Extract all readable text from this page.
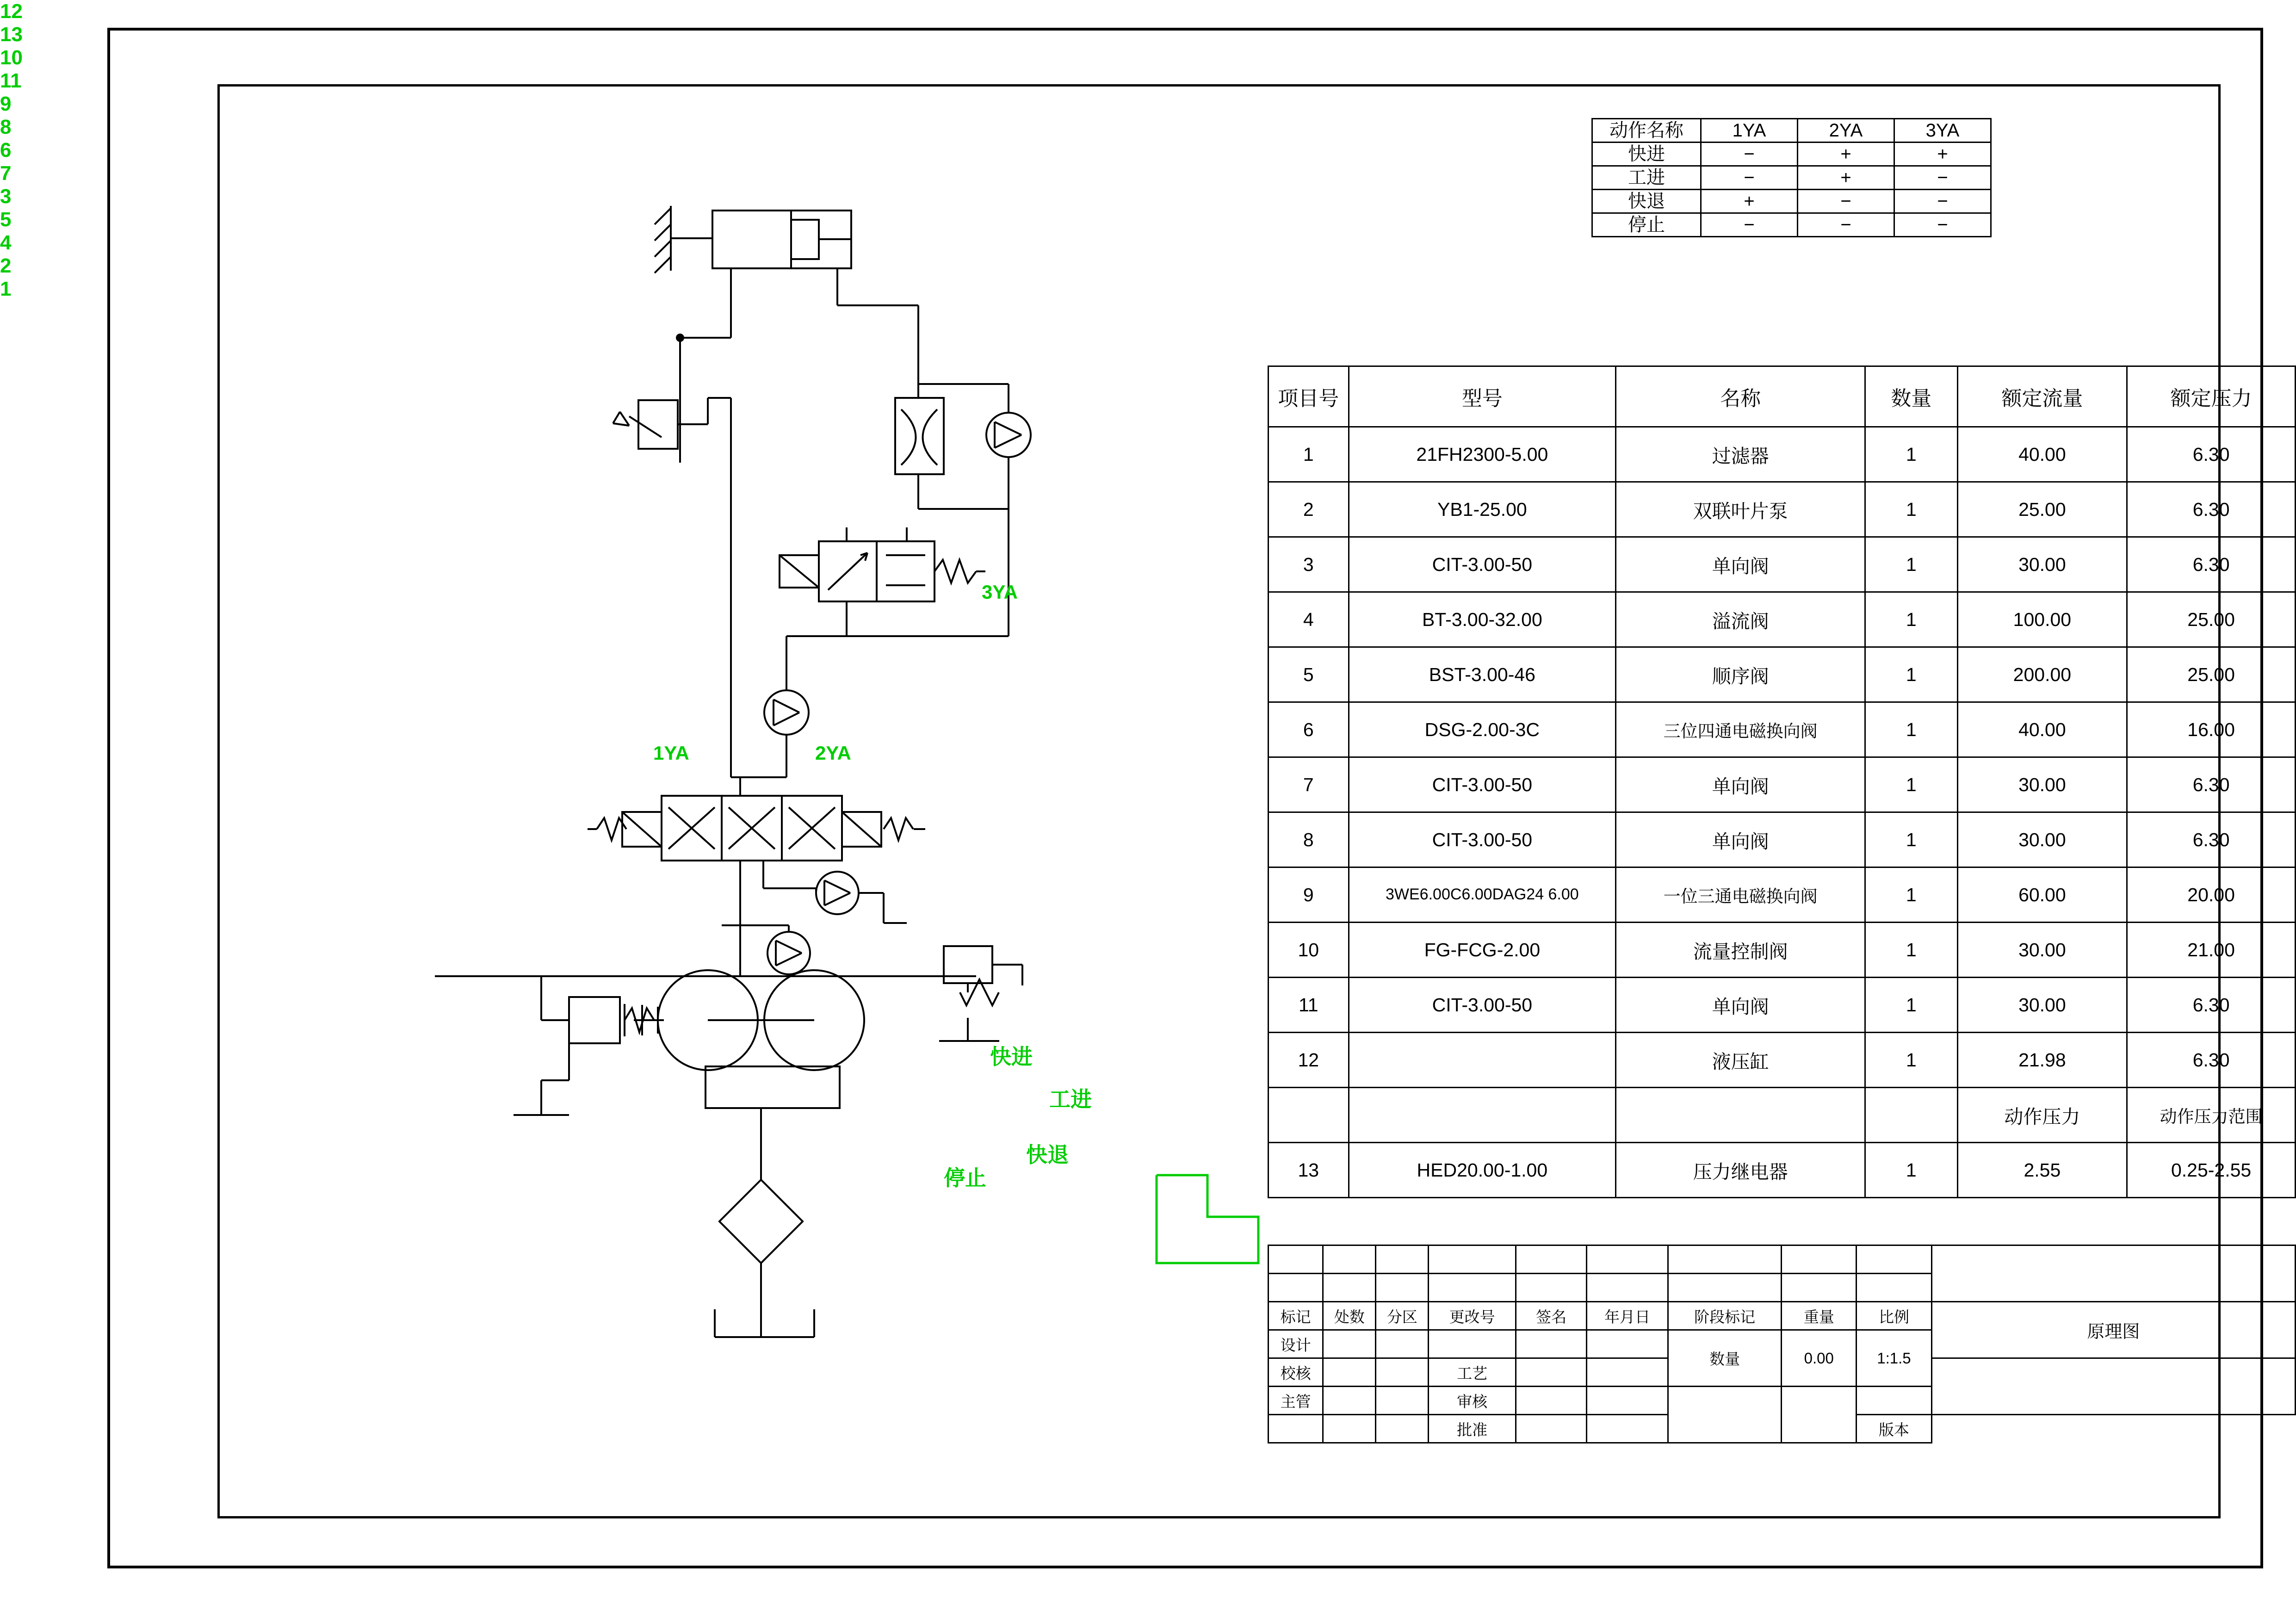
12
13
10
11
9
8
6
7
3
5
4
2
1
1YA	2YA
3YA
快进
工进
快退
停止
动作名称	1YA	2YA	3YA
快进	−	+	+
工进	−	+	−
快退	+	−	−
停止	−	−	−
项目号	型号	名称	数量	额定流量	额定压力
1	21FH2300-5.00	过滤器	1	40.00	6.30
2	YB1-25.00	双联叶片泵	1	25.00	6.30
3	CIT-3.00-50	单向阀	1	30.00	6.30
4	BT-3.00-32.00	溢流阀	1	100.00	25.00
5	BST-3.00-46	顺序阀	1	200.00	25.00
6	DSG-2.00-3C	三位四通电磁换向阀	1	40.00	16.00
7	CIT-3.00-50	单向阀	1	30.00	6.30
8	CIT-3.00-50	单向阀	1	30.00	6.30
9	3WE6.00C6.00DAG24 6.00	一位三通电磁换向阀	1	60.00	20.00
10	FG-FCG-2.00	流量控制阀	1	30.00	21.00
11	CIT-3.00-50	单向阀	1	30.00	6.30
12		液压缸	1	21.98	6.30
				动作压力	动作压力范围
13	HED20.00-1.00	压力继电器	1	2.55	0.25-2.55

标记	处数	分区	更改号	签名	年月日	阶段标记	重量	比例	原理图
设计						数量	0.00	1:1.5	
校核			工艺						
主管			审核						
			批准					版本	
